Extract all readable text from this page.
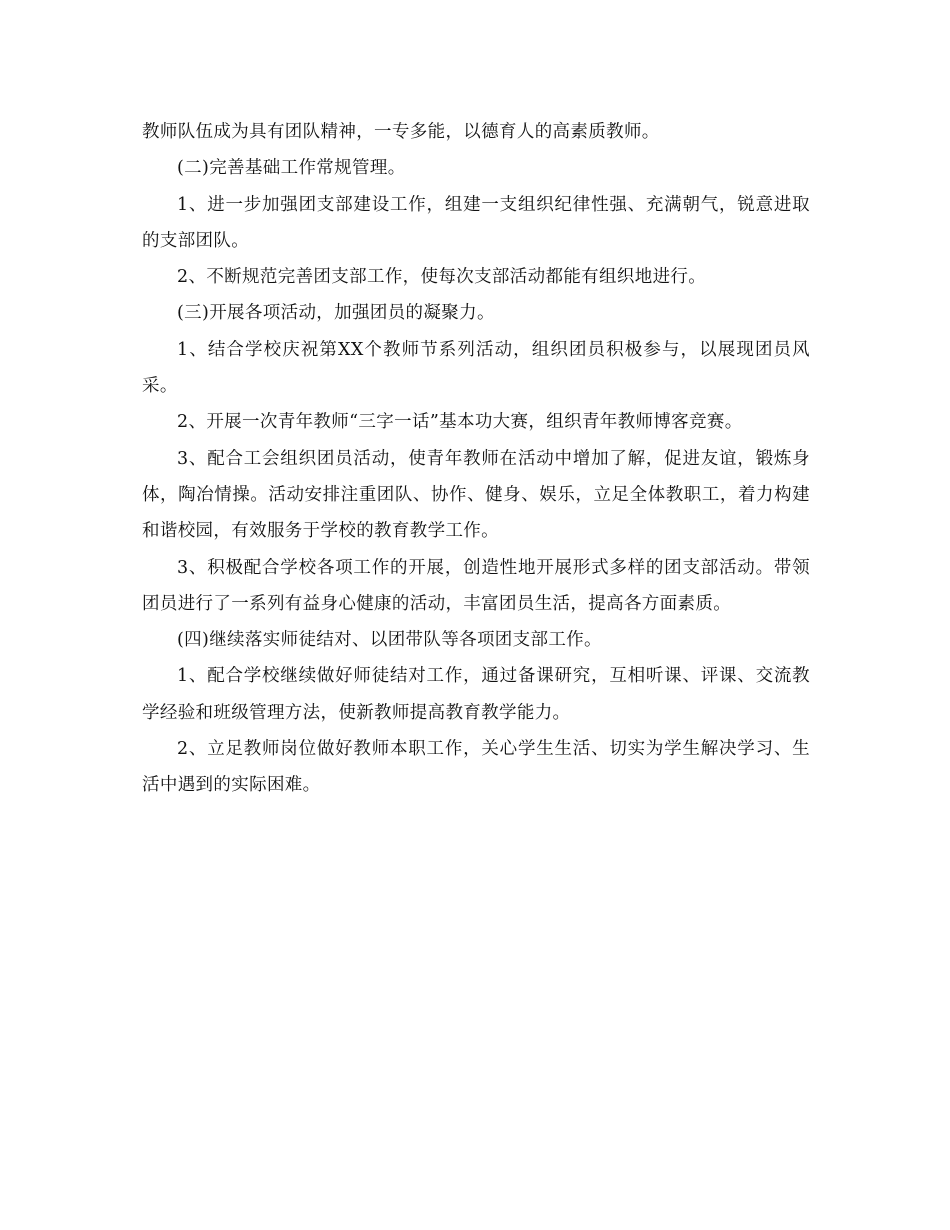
教师队伍成为具有团队精神，一专多能，以德育人的高素质教师。

(二)完善基础工作常规管理。

1、进一步加强团支部建设工作，组建一支组织纪律性强、充满朝气，锐意进取的支部团队。

2、不断规范完善团支部工作，使每次支部活动都能有组织地进行。

(三)开展各项活动，加强团员的凝聚力。

1、结合学校庆祝第XX个教师节系列活动，组织团员积极参与，以展现团员风采。

2、开展一次青年教师“三字一话”基本功大赛，组织青年教师博客竞赛。

3、配合工会组织团员活动，使青年教师在活动中增加了解，促进友谊，锻炼身体，陶冶情操。活动安排注重团队、协作、健身、娱乐，立足全体教职工，着力构建和谐校园，有效服务于学校的教育教学工作。

3、积极配合学校各项工作的开展，创造性地开展形式多样的团支部活动。带领团员进行了一系列有益身心健康的活动，丰富团员生活，提高各方面素质。

(四)继续落实师徒结对、以团带队等各项团支部工作。

1、配合学校继续做好师徒结对工作，通过备课研究，互相听课、评课、交流教学经验和班级管理方法，使新教师提高教育教学能力。

2、立足教师岗位做好教师本职工作，关心学生生活、切实为学生解决学习、生活中遇到的实际困难。
